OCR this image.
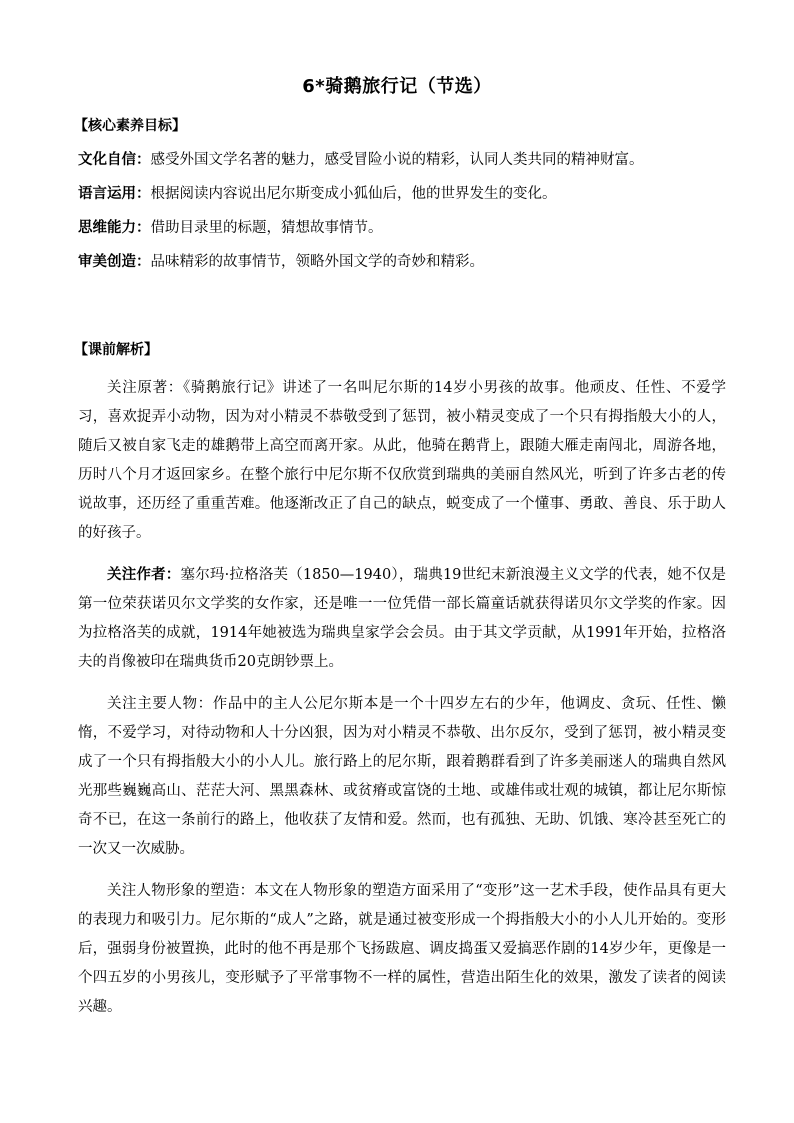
6*骑鹅旅行记（节选）
【核心素养目标】
文化自信：感受外国文学名著的魅力，感受冒险小说的精彩，认同人类共同的精神财富。
语言运用：根据阅读内容说出尼尔斯变成小狐仙后，他的世界发生的变化。
思维能力：借助目录里的标题，猜想故事情节。
审美创造：品味精彩的故事情节，领略外国文学的奇妙和精彩。
【课前解析】

关注原著：《骑鹅旅行记》讲述了一名叫尼尔斯的14岁小男孩的故事。他顽皮、任性、不爱学习，喜欢捉弄小动物，因为对小精灵不恭敬受到了惩罚，被小精灵变成了一个只有拇指般大小的人，随后又被自家飞走的雄鹅带上高空而离开家。从此，他骑在鹅背上，跟随大雁走南闯北，周游各地，历时八个月才返回家乡。在整个旅行中尼尔斯不仅欣赏到瑞典的美丽自然风光，听到了许多古老的传说故事，还历经了重重苦难。他逐渐改正了自己的缺点，蜕变成了一个懂事、勇敢、善良、乐于助人的好孩子。

关注作者：塞尔玛·拉格洛芙（1850—1940），瑞典19世纪末新浪漫主义文学的代表，她不仅是第一位荣获诺贝尔文学奖的女作家，还是唯一一位凭借一部长篇童话就获得诺贝尔文学奖的作家。因为拉格洛芙的成就，1914年她被选为瑞典皇家学会会员。由于其文学贡献，从1991年开始，拉格洛夫的肖像被印在瑞典货币20克朗钞票上。

关注主要人物：作品中的主人公尼尔斯本是一个十四岁左右的少年，他调皮、贪玩、任性、懒惰，不爱学习，对待动物和人十分凶狠，因为对小精灵不恭敬、出尔反尔，受到了惩罚，被小精灵变成了一个只有拇指般大小的小人儿。旅行路上的尼尔斯，跟着鹅群看到了许多美丽迷人的瑞典自然风光那些巍巍高山、茫茫大河、黑黑森林、或贫瘠或富饶的土地、或雄伟或壮观的城镇，都让尼尔斯惊奇不已，在这一条前行的路上，他收获了友情和爱。然而，也有孤独、无助、饥饿、寒冷甚至死亡的一次又一次威胁。

关注人物形象的塑造：本文在人物形象的塑造方面采用了“变形”这一艺术手段，使作品具有更大的表现力和吸引力。尼尔斯的“成人”之路，就是通过被变形成一个拇指般大小的小人儿开始的。变形后，强弱身份被置换，此时的他不再是那个飞扬跋扈、调皮捣蛋又爱搞恶作剧的14岁少年，更像是一个四五岁的小男孩儿，变形赋予了平常事物不一样的属性，营造出陌生化的效果，激发了读者的阅读兴趣。
